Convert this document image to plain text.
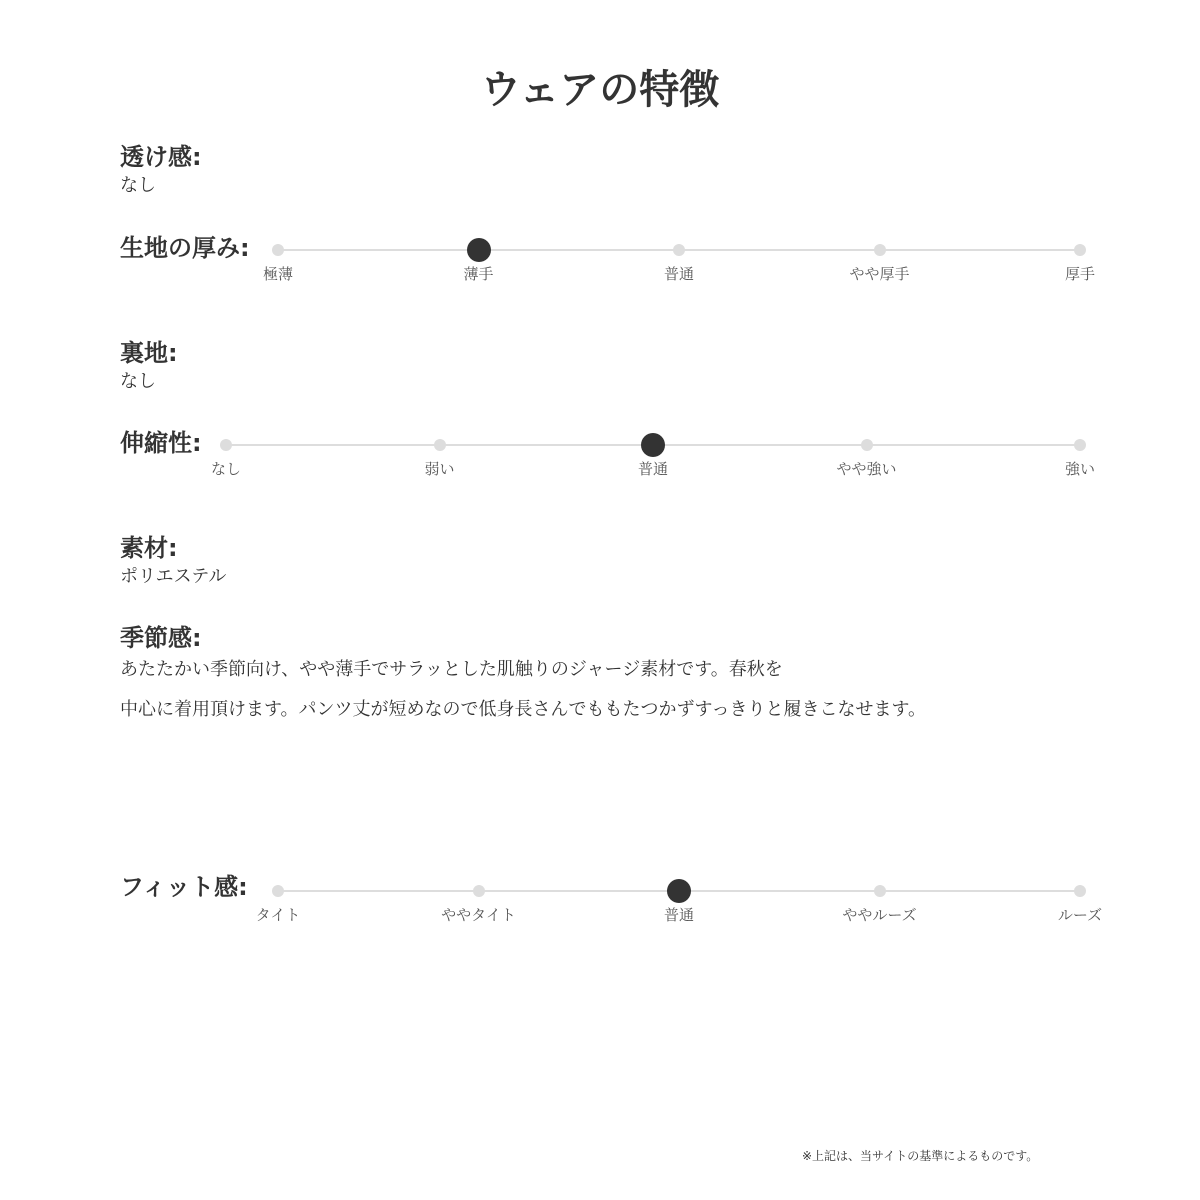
ウェアの特徴
透け感:
なし
生地の厚み:
極薄	薄手	普通	やや厚手	厚手
裏地:
なし
伸縮性:
なし	弱い	普通	やや強い	強い
素材:
ポリエステル
季節感:
あたたかい季節向け、やや薄手でサラッとした肌触りのジャージ素材です。春秋を
中心に着用頂けます。パンツ丈が短めなので低身長さんでももたつかずすっきりと履きこなせます。
フィット感:
タイト	ややタイト	普通	ややルーズ	ルーズ
※上記は、当サイトの基準によるものです。
